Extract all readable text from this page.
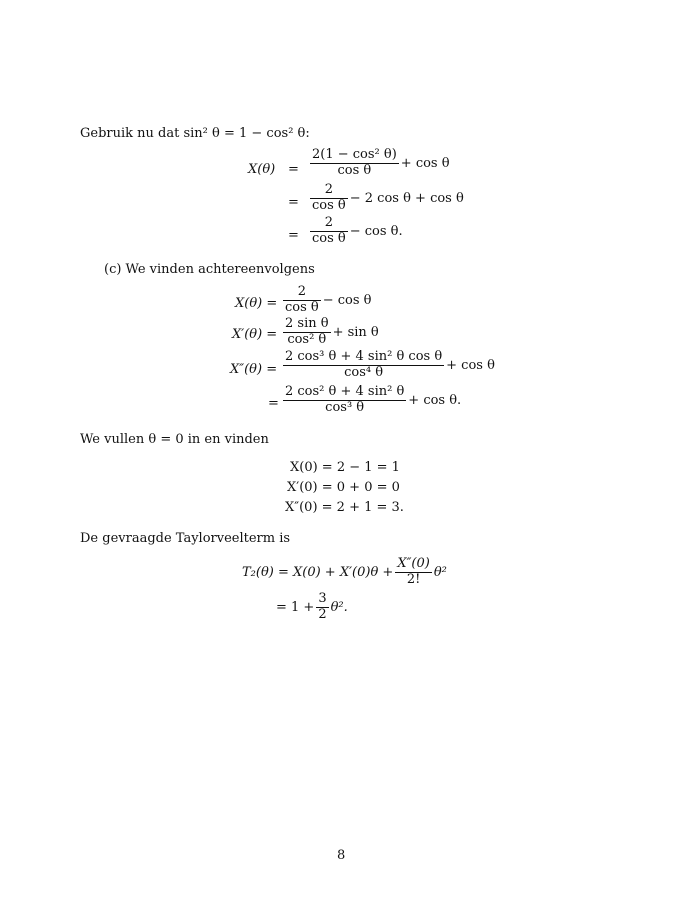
Gebruik nu dat sin² θ = 1 − cos² θ:
X(θ) =
2(1 − cos² θ)
cos θ	+ cos θ
=
2
cos θ − 2 cos θ + cos θ
=
2
cos θ − cos θ.
(c) We vinden achtereenvolgens
X(θ) =
2
cos θ − cos θ
X′(θ) =
2 sin θ
cos² θ + sin θ
X″(θ) =
2 cos³ θ + 4 sin² θ cos θ
cos⁴ θ	+ cos θ
=
2 cos² θ + 4 sin² θ
cos³ θ	+ cos θ.
We vullen θ = 0 in en vinden
X(0) = 2 − 1 = 1
X′(0) = 0 + 0 = 0
X″(0) = 2 + 1 = 3.
De gevraagde Taylorveelterm is
$T_2(\theta) = X(0) + X'(0)\theta + \frac{X''(0)}{2!} \theta^2$
= $1 + \frac{3}{2} \theta^2$.
8
